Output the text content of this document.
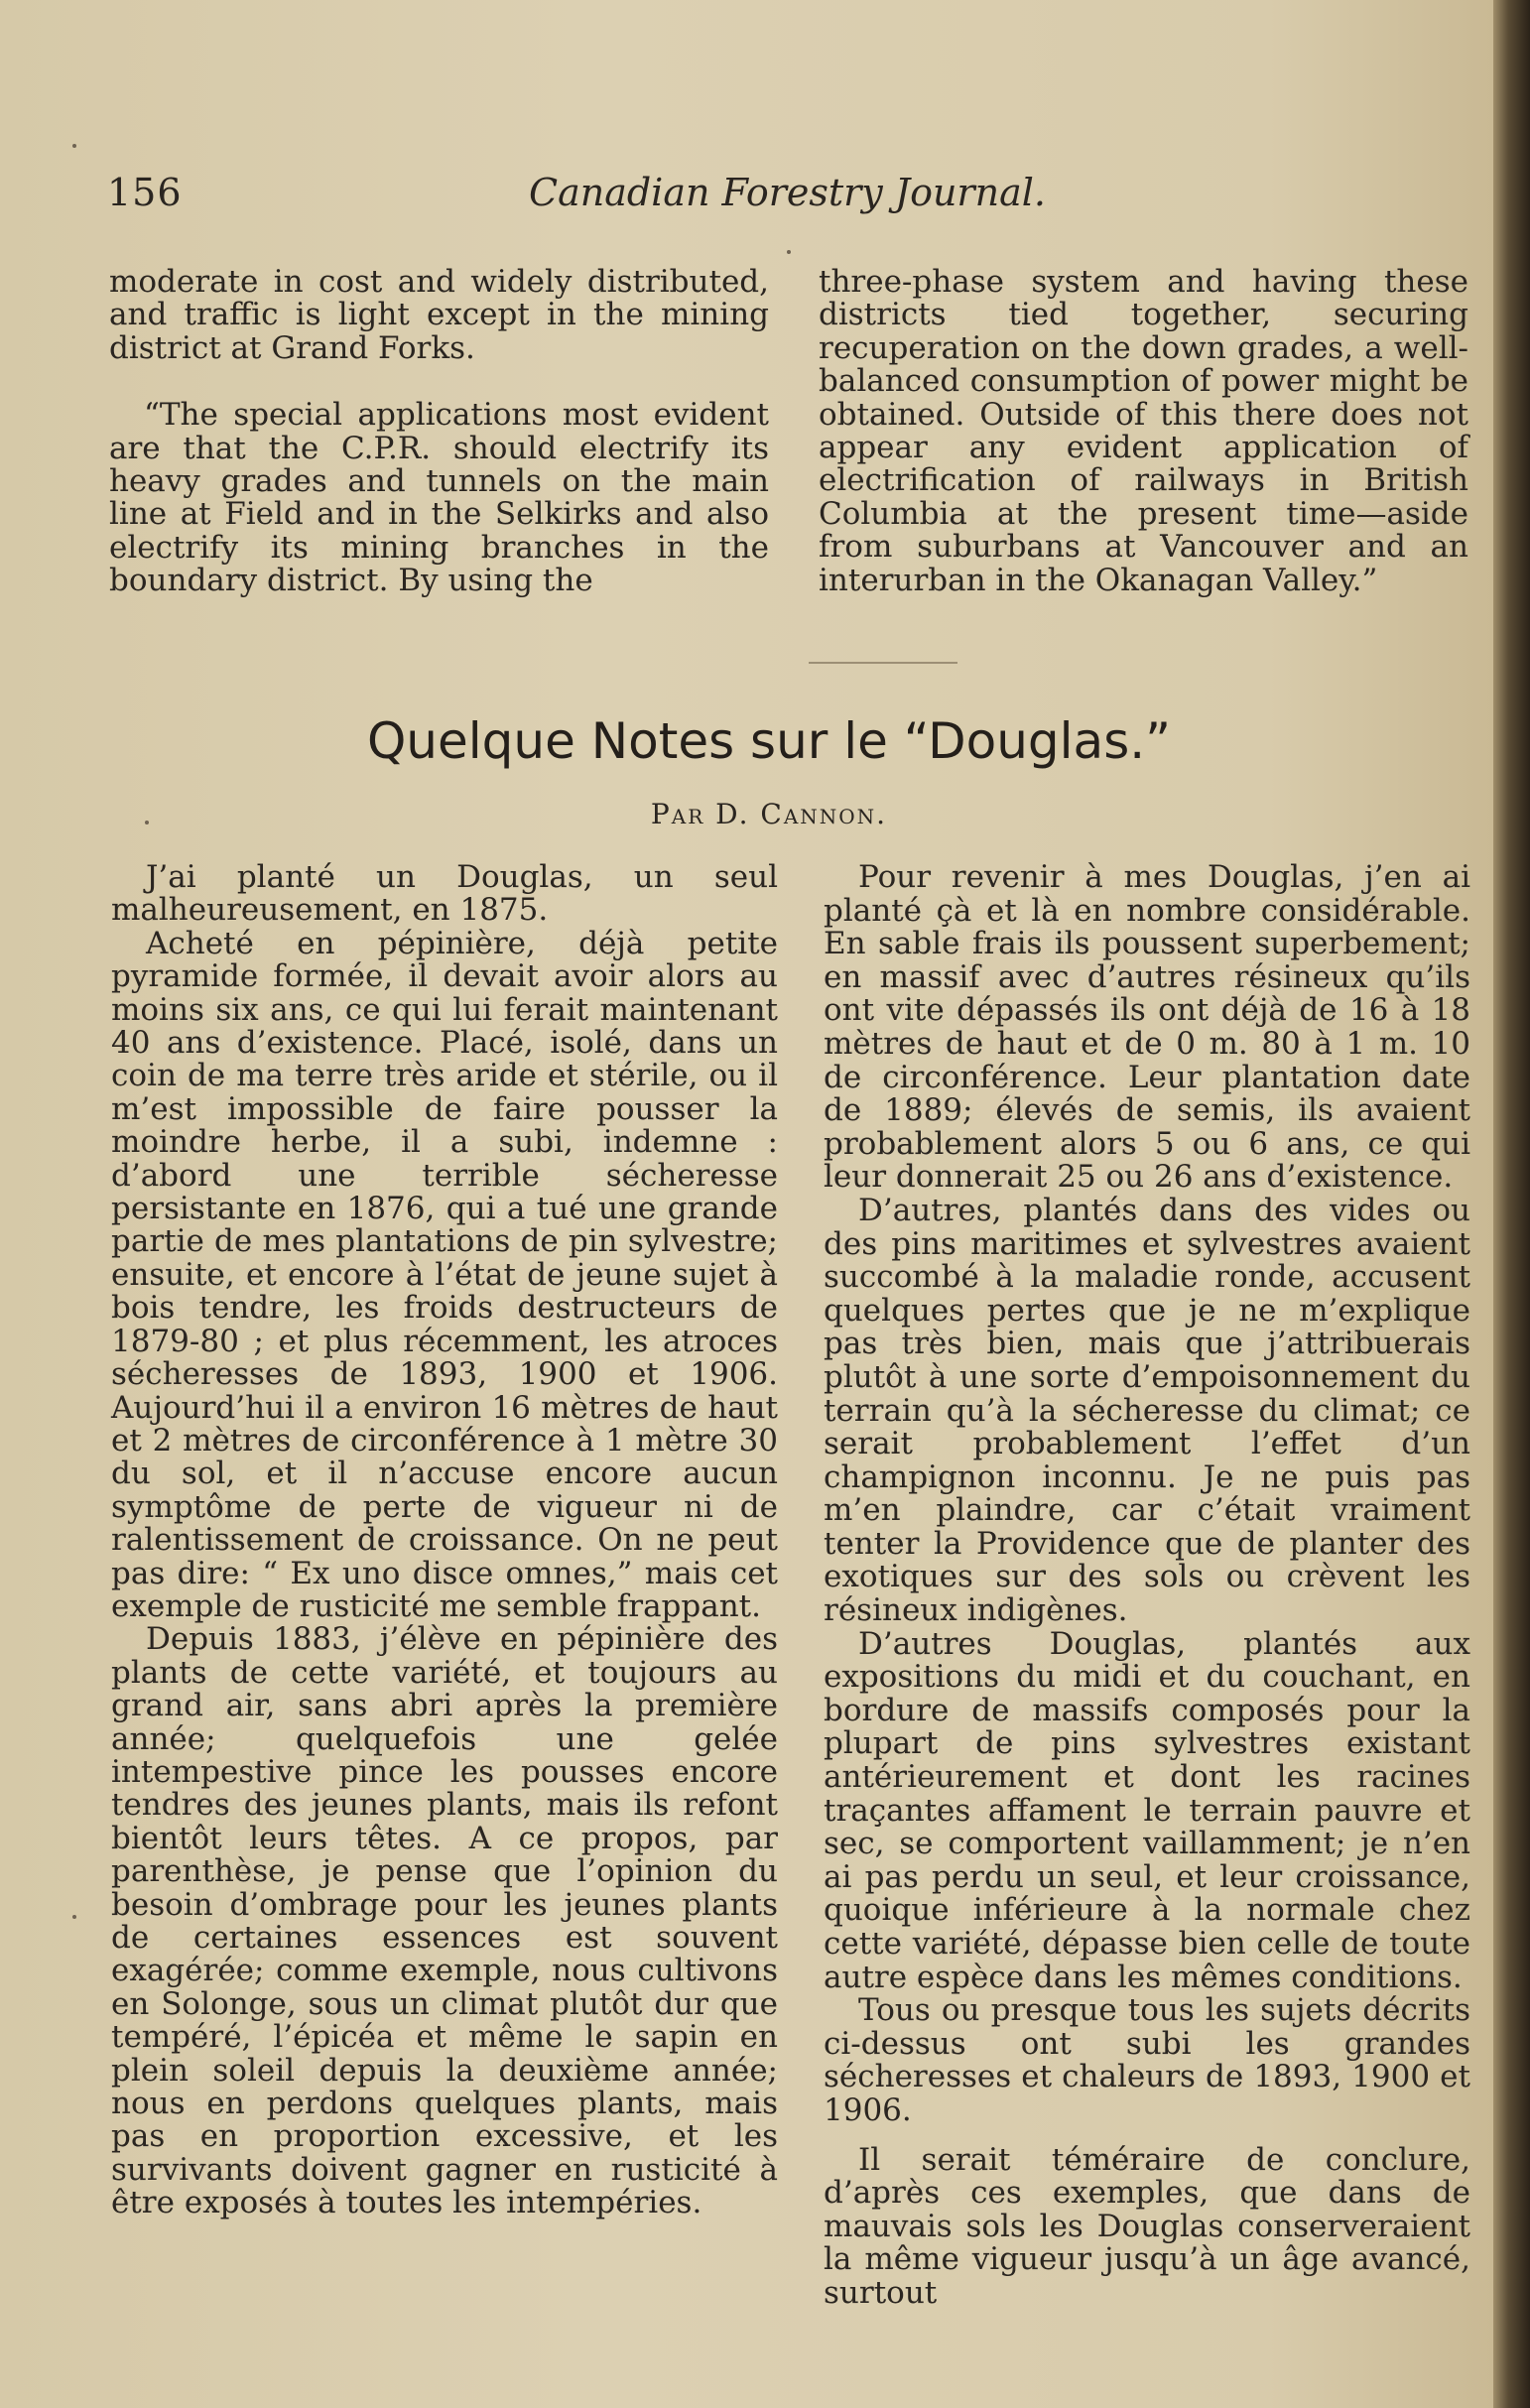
156	Canadian Forestry Journal.

moderate in cost and widely distributed, and traffic is light except in the mining district at Grand Forks.

“The special applications most evident are that the C.P.R. should electrify its heavy grades and tunnels on the main line at Field and in the Selkirks and also electrify its mining branches in the boundary district. By using the

three-phase system and having these districts tied together, securing recuperation on the down grades, a well-balanced consumption of power might be obtained. Outside of this there does not appear any evident application of electrification of railways in British Columbia at the present time—aside from suburbans at Vancouver and an interurban in the Okanagan Valley.”

Quelque Notes sur le “Douglas.”
Par D. Cannon.

J’ai planté un Douglas, un seul malheureusement, en 1875.

Acheté en pépinière, déjà petite pyramide formée, il devait avoir alors au moins six ans, ce qui lui ferait maintenant 40 ans d’existence. Placé, isolé, dans un coin de ma terre très aride et stérile, ou il m’est impossible de faire pousser la moindre herbe, il a subi, indemne : d’abord une terrible sécheresse persistante en 1876, qui a tué une grande partie de mes plantations de pin sylvestre; ensuite, et encore à l’état de jeune sujet à bois tendre, les froids destructeurs de 1879-80 ; et plus récemment, les atroces sécheresses de 1893, 1900 et 1906. Aujourd’hui il a environ 16 mètres de haut et 2 mètres de circonférence à 1 mètre 30 du sol, et il n’accuse encore aucun symptôme de perte de vigueur ni de ralentissement de croissance. On ne peut pas dire: “ Ex uno disce omnes,” mais cet exemple de rusticité me semble frappant.

Depuis 1883, j’élève en pépinière des plants de cette variété, et toujours au grand air, sans abri après la première année; quelquefois une gelée intempestive pince les pousses encore tendres des jeunes plants, mais ils refont bientôt leurs têtes. A ce propos, par parenthèse, je pense que l’opinion du besoin d’ombrage pour les jeunes plants de certaines essences est souvent exagérée; comme exemple, nous cultivons en Solonge, sous un climat plutôt dur que tempéré, l’épicéa et même le sapin en plein soleil depuis la deuxième année; nous en perdons quelques plants, mais pas en proportion excessive, et les survivants doivent gagner en rusticité à être exposés à toutes les intempéries.

Pour revenir à mes Douglas, j’en ai planté çà et là en nombre considérable. En sable frais ils poussent superbement; en massif avec d’autres résineux qu’ils ont vite dépassés ils ont déjà de 16 à 18 mètres de haut et de 0 m. 80 à 1 m. 10 de circonférence. Leur plantation date de 1889; élevés de semis, ils avaient probablement alors 5 ou 6 ans, ce qui leur donnerait 25 ou 26 ans d’existence.

D’autres, plantés dans des vides ou des pins maritimes et sylvestres avaient succombé à la maladie ronde, accusent quelques pertes que je ne m’explique pas très bien, mais que j’attribuerais plutôt à une sorte d’empoisonnement du terrain qu’à la sécheresse du climat; ce serait probablement l’effet d’un champignon inconnu. Je ne puis pas m’en plaindre, car c’était vraiment tenter la Providence que de planter des exotiques sur des sols ou crèvent les résineux indigènes.

D’autres Douglas, plantés aux expositions du midi et du couchant, en bordure de massifs composés pour la plupart de pins sylvestres existant antérieurement et dont les racines traçantes affament le terrain pauvre et sec, se comportent vaillamment; je n’en ai pas perdu un seul, et leur croissance, quoique inférieure à la normale chez cette variété, dépasse bien celle de toute autre espèce dans les mêmes conditions.

Tous ou presque tous les sujets décrits ci-dessus ont subi les grandes sécheresses et chaleurs de 1893, 1900 et 1906.

Il serait téméraire de conclure, d’après ces exemples, que dans de mauvais sols les Douglas conserveraient la même vigueur jusqu’à un âge avancé, surtout
